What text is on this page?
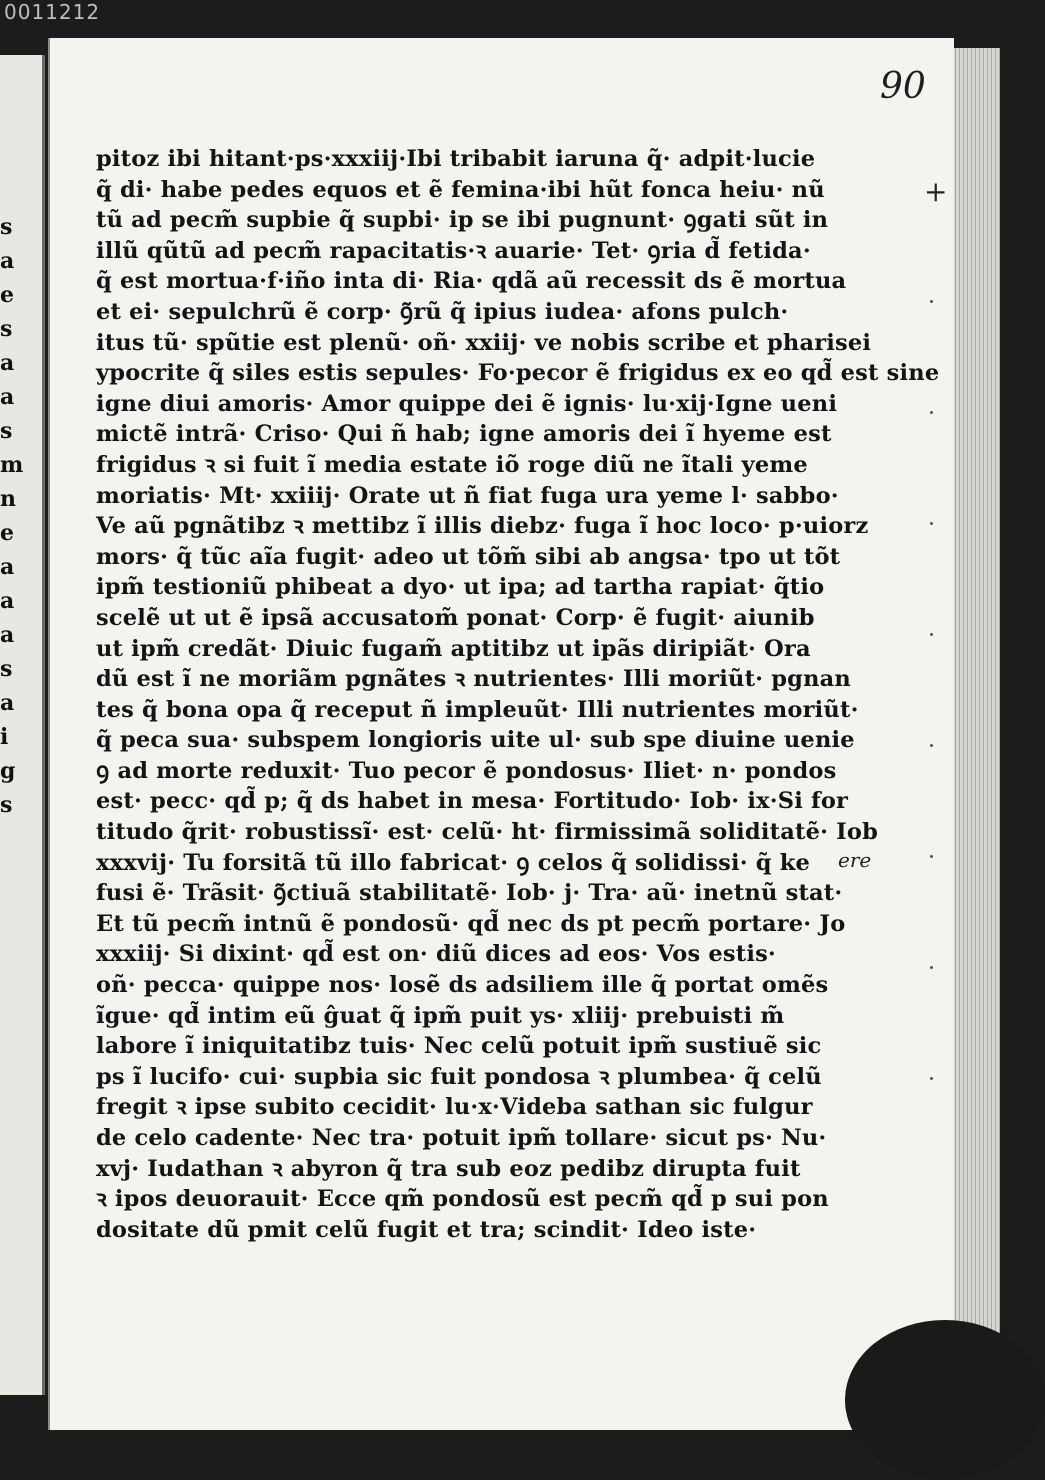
0011212
s
a
e
s
a
a
s
m
n
e
a
a
a
s
a
i
g
s
90
+
ere
pitoz ibi hitant·ps·xxxiij·Ibi tribabit iaruna q̃· adpit·lucie
q̃ di· habe pedes equos et ẽ femina·ibi hũt fonca heiu· nũ
tũ ad pecm̃ supbie q̃ supbi· ip se ibi pugnunt· ꝯgati sũt in
illũ qũtũ ad pecm̃ rapacitatis·ꝛ auarie· Tet· ꝯria d̃ fetida·
q̃ est mortua·f·iño inta di· Ria· qdã aũ recessit ds ẽ mortua
et ei· sepulchrũ ẽ corp· ꝯ̃rũ q̃ ipius iudea· afons pulch·
itus tũ· spũtie est plenũ· oñ· xxiij· ve nobis scribe et pharisei
ypocrite q̃ siles estis sepules· Fo·pecor ẽ frigidus ex eo qd̃ est sine
igne diui amoris· Amor quippe dei ẽ ignis· lu·xij·Igne ueni
mictẽ intrã· Criso· Qui ñ hab; igne amoris dei ĩ hyeme est
frigidus ꝛ si fuit ĩ media estate iõ roge diũ ne ĩtali yeme
moriatis· Mt· xxiiij· Orate ut ñ fiat fuga ura yeme l· sabbo·
Ve aũ pgnãtibz ꝛ mettibz ĩ illis diebz· fuga ĩ hoc loco· p·uiorz
mors· q̃ tũc aĩa fugit· adeo ut tõm̃ sibi ab angsa· tpo ut tõt
ipm̃ testioniũ phibeat a dyo· ut ipa; ad tartha rapiat· q̃tio
scelẽ ut ut ẽ ipsã accusatom̃ ponat· Corp· ẽ fugit· aiunib
ut ipm̃ credãt· Diuic fugam̃ aptitibz ut ipãs diripiãt· Ora
dũ est ĩ ne moriãm pgnãtes ꝛ nutrientes· Illi moriũt· pgnan
tes q̃ bona opa q̃ receput ñ impleuũt· Illi nutrientes moriũt·
q̃ peca sua· subspem longioris uite ul· sub spe diuine uenie
ꝯ ad morte reduxit· Tuo pecor ẽ pondosus· Iliet· n· pondos
est· pecc· qd̃ p; q̃ ds habet in mesa· Fortitudo· Iob· ix·Si for
titudo q̃rit· robustissĩ· est· celũ· ht· firmissimã soliditatẽ· Iob
xxxvij· Tu forsitã tũ illo fabricat· ꝯ celos q̃ solidissi· q̃ ke
fusi ẽ· Trãsit· ꝯ̃ctiuã stabilitatẽ· Iob· j· Tra· aũ· inetnũ stat·
Et tũ pecm̃ intnũ ẽ pondosũ· qd̃ nec ds pt pecm̃ portare· Jo
xxxiij· Si dixint· qd̃ est on· diũ dices ad eos· Vos estis·
oñ· pecca· quippe nos· losẽ ds adsiliem ille q̃ portat omẽs
ĩgue· qd̃ intim eũ ĝuat q̃ ipm̃ puit ys· xliij· prebuisti m̃
labore ĩ iniquitatibz tuis· Nec celũ potuit ipm̃ sustiuẽ sic
ps ĩ lucifo· cui· supbia sic fuit pondosa ꝛ plumbea· q̃ celũ
fregit ꝛ ipse subito cecidit· lu·x·Videba sathan sic fulgur
de celo cadente· Nec tra· potuit ipm̃ tollare· sicut ps· Nu·
xvj· Iudathan ꝛ abyron q̃ tra sub eoz pedibz dirupta fuit
ꝛ ipos deuorauit· Ecce qm̃ pondosũ est pecm̃ qd̃ p sui pon
dositate dũ pmit celũ fugit et tra; scindit· Ideo iste·
